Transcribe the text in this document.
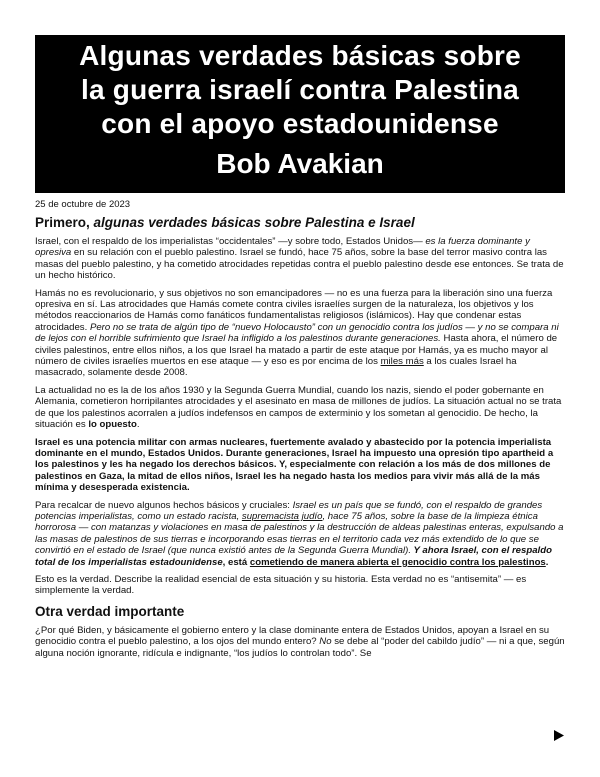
Algunas verdades básicas sobre
la guerra israelí contra Palestina
con el apoyo estadounidense
Bob Avakian
25 de octubre de 2023
Primero, algunas verdades básicas sobre Palestina e Israel

Israel, con el respaldo de los imperialistas “occidentales” —y sobre todo, Estados Unidos— es la fuerza dominante y opresiva en su relación con el pueblo palestino. Israel se fundó, hace 75 años, sobre la base del terror masivo contra las masas del pueblo palestino, y ha cometido atrocidades repetidas contra el pueblo palestino desde ese entonces. Se trata de un hecho histórico.

Hamás no es revolucionario, y sus objetivos no son emancipadores — no es una fuerza para la liberación sino una fuerza opresiva en sí. Las atrocidades que Hamás comete contra civiles israelíes surgen de la naturaleza, los objetivos y los métodos reaccionarios de Hamás como fanáticos fundamentalistas religiosos (islámicos). Hay que condenar estas atrocidades. Pero no se trata de algún tipo de “nuevo Holocausto” con un genocidio contra los judíos — y no se compara ni de lejos con el horrible sufrimiento que Israel ha infligido a los palestinos durante generaciones. Hasta ahora, el número de civiles palestinos, entre ellos niños, a los que Israel ha matado a partir de este ataque por Hamás, ya es mucho mayor al número de civiles israelíes muertos en ese ataque — y eso es por encima de los miles más a los cuales Israel ha masacrado, solamente desde 2008.

La actualidad no es la de los años 1930 y la Segunda Guerra Mundial, cuando los nazis, siendo el poder gobernante en Alemania, cometieron horripilantes atrocidades y el asesinato en masa de millones de judíos. La situación actual no se trata de que los palestinos acorralen a judíos indefensos en campos de exterminio y los sometan al genocidio. De hecho, la situación es lo opuesto.

Israel es una potencia militar con armas nucleares, fuertemente avalado y abastecido por la potencia imperialista dominante en el mundo, Estados Unidos. Durante generaciones, Israel ha impuesto una opresión tipo apartheid a los palestinos y les ha negado los derechos básicos. Y, especialmente con relación a los más de dos millones de palestinos en Gaza, la mitad de ellos niños, Israel les ha negado hasta los medios para vivir más allá de la más mínima y desesperada existencia.

Para recalcar de nuevo algunos hechos básicos y cruciales: Israel es un país que se fundó, con el respaldo de grandes potencias imperialistas, como un estado racista, supremacista judío, hace 75 años, sobre la base de la limpieza étnica horrorosa — con matanzas y violaciones en masa de palestinos y la destrucción de aldeas palestinas enteras, expulsando a las masas de palestinos de sus tierras e incorporando esas tierras en el territorio cada vez más extendido de lo que se convirtió en el estado de Israel (que nunca existió antes de la Segunda Guerra Mundial). Y ahora Israel, con el respaldo total de los imperialistas estadounidense, está cometiendo de manera abierta el genocidio contra los palestinos.

Esto es la verdad. Describe la realidad esencial de esta situación y su historia. Esta verdad no es “antisemita” — es simplemente la verdad.

Otra verdad importante

¿Por qué Biden, y básicamente el gobierno entero y la clase dominante entera de Estados Unidos, apoyan a Israel en su genocidio contra el pueblo palestino, a los ojos del mundo entero? No se debe al “poder del cabildo judío” — ni a que, según alguna noción ignorante, ridícula e indignante, “los judíos lo controlan todo”. Se
